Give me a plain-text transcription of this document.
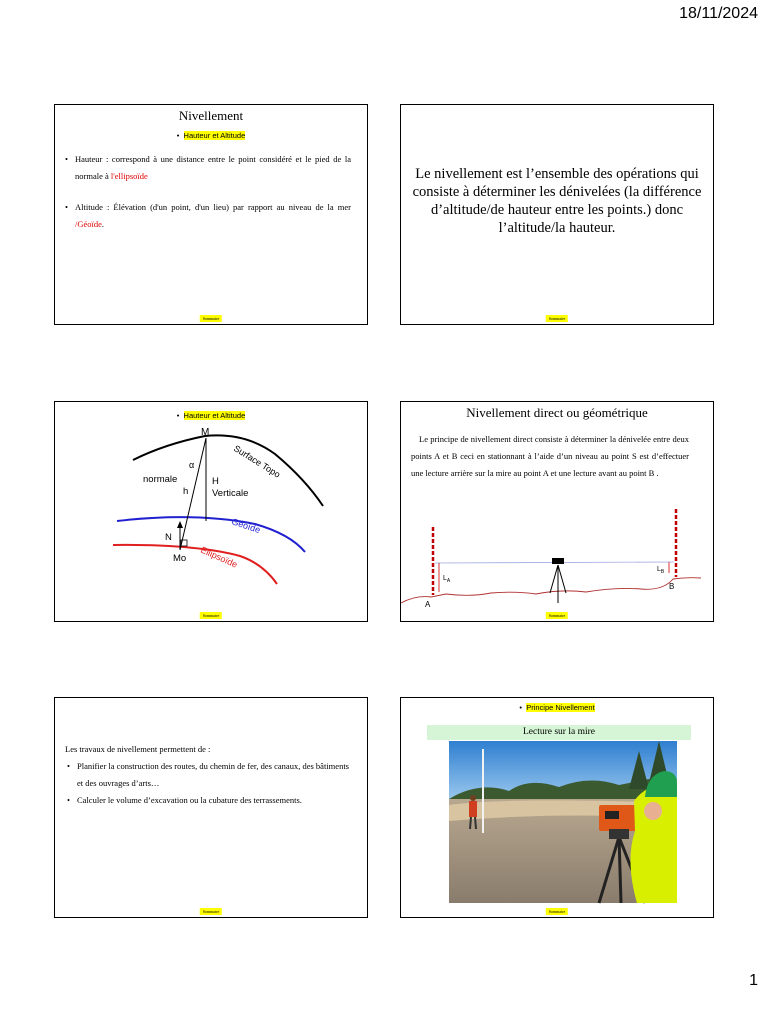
18/11/2024
Nivellement
• Hauteur et Altitude
• Hauteur : correspond à une distance entre le point considéré et le pied de la normale à l'ellipsoïde
• Altitude : Élévation (d'un point, d'un lieu) par rapport au niveau de la mer /Géoïde.
Sommaire
Le nivellement est l’ensemble des opérations qui consiste à déterminer les dénivelées (la différence d’altitude/de hauteur entre les points.) donc l’altitude/la hauteur.
Sommaire
• Hauteur et Altitude
M
α
normale
h
H
Verticale
Surface Topo
Géoïde
N
Mo Ellipsoïde
Sommaire
Nivellement direct ou géométrique
Le principe de nivellement direct consiste à déterminer la dénivelée entre deux points A et B ceci en stationnant à l’aide d’un niveau au point S est d’effectuer une lecture arrière sur la mire au point A et une lecture avant au point B .
$L_A$
$L_B$
A
B
Sommaire
Les travaux de nivellement permettent de :
• Planifier la construction des routes, du chemin de fer, des canaux, des bâtiments et des ouvrages d’arts…
• Calculer le volume d’excavation ou la cubature des terrassements.
Sommaire
• Principe Nivellement
Lecture sur la mire
Sommaire
1
